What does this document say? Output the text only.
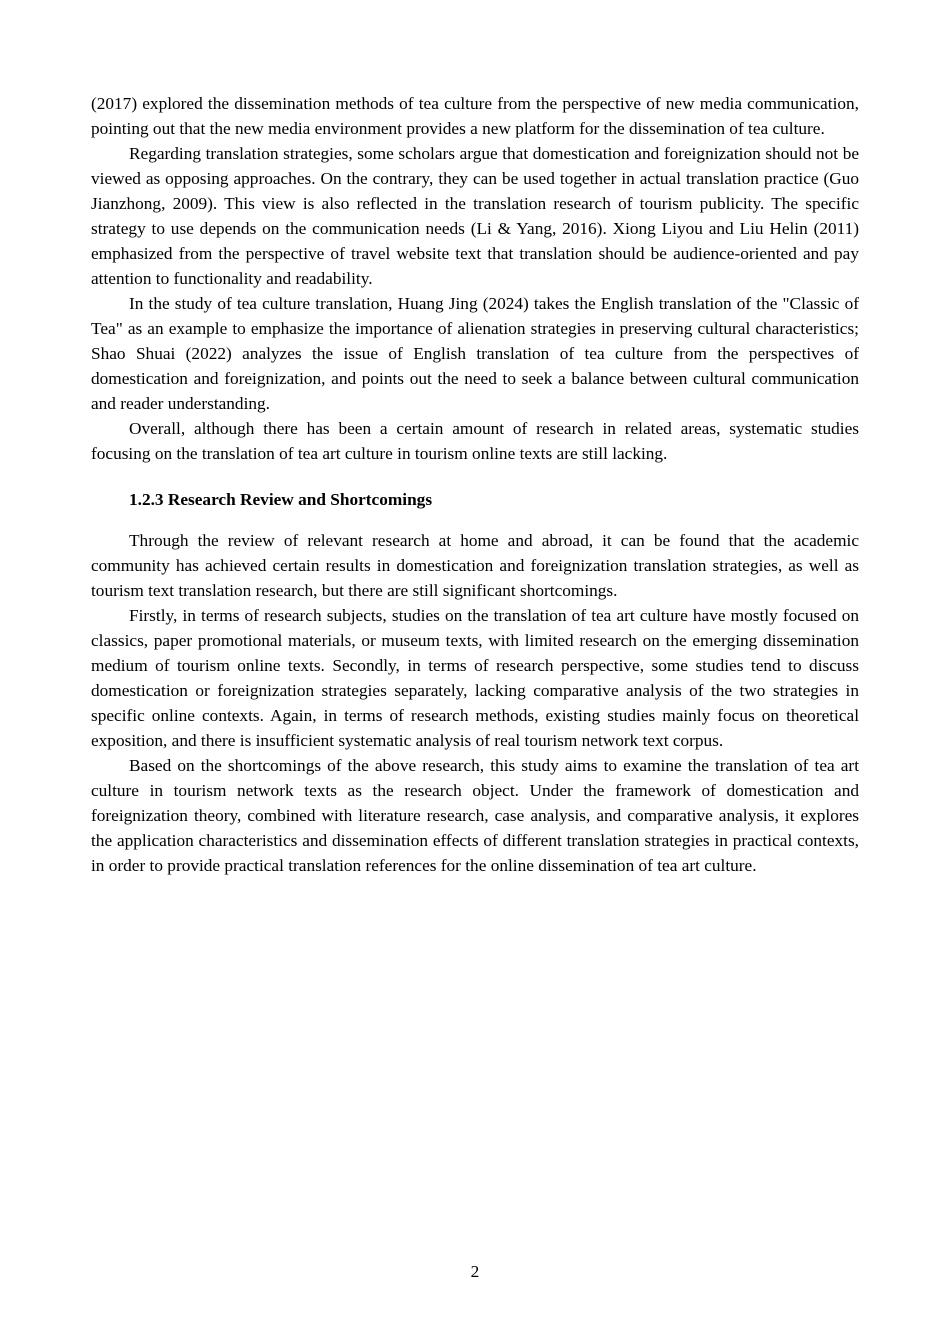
(2017) explored the dissemination methods of tea culture from the perspective of new media communication, pointing out that the new media environment provides a new platform for the dissemination of tea culture.

Regarding translation strategies, some scholars argue that domestication and foreignization should not be viewed as opposing approaches. On the contrary, they can be used together in actual translation practice (Guo Jianzhong, 2009). This view is also reflected in the translation research of tourism publicity. The specific strategy to use depends on the communication needs (Li & Yang, 2016). Xiong Liyou and Liu Helin (2011) emphasized from the perspective of travel website text that translation should be audience-oriented and pay attention to functionality and readability.

In the study of tea culture translation, Huang Jing (2024) takes the English translation of the "Classic of Tea" as an example to emphasize the importance of alienation strategies in preserving cultural characteristics; Shao Shuai (2022) analyzes the issue of English translation of tea culture from the perspectives of domestication and foreignization, and points out the need to seek a balance between cultural communication and reader understanding.

Overall, although there has been a certain amount of research in related areas, systematic studies focusing on the translation of tea art culture in tourism online texts are still lacking.

1.2.3 Research Review and Shortcomings

Through the review of relevant research at home and abroad, it can be found that the academic community has achieved certain results in domestication and foreignization translation strategies, as well as tourism text translation research, but there are still significant shortcomings.

Firstly, in terms of research subjects, studies on the translation of tea art culture have mostly focused on classics, paper promotional materials, or museum texts, with limited research on the emerging dissemination medium of tourism online texts. Secondly, in terms of research perspective, some studies tend to discuss domestication or foreignization strategies separately, lacking comparative analysis of the two strategies in specific online contexts. Again, in terms of research methods, existing studies mainly focus on theoretical exposition, and there is insufficient systematic analysis of real tourism network text corpus.

Based on the shortcomings of the above research, this study aims to examine the translation of tea art culture in tourism network texts as the research object. Under the framework of domestication and foreignization theory, combined with literature research, case analysis, and comparative analysis, it explores the application characteristics and dissemination effects of different translation strategies in practical contexts, in order to provide practical translation references for the online dissemination of tea art culture.

2
